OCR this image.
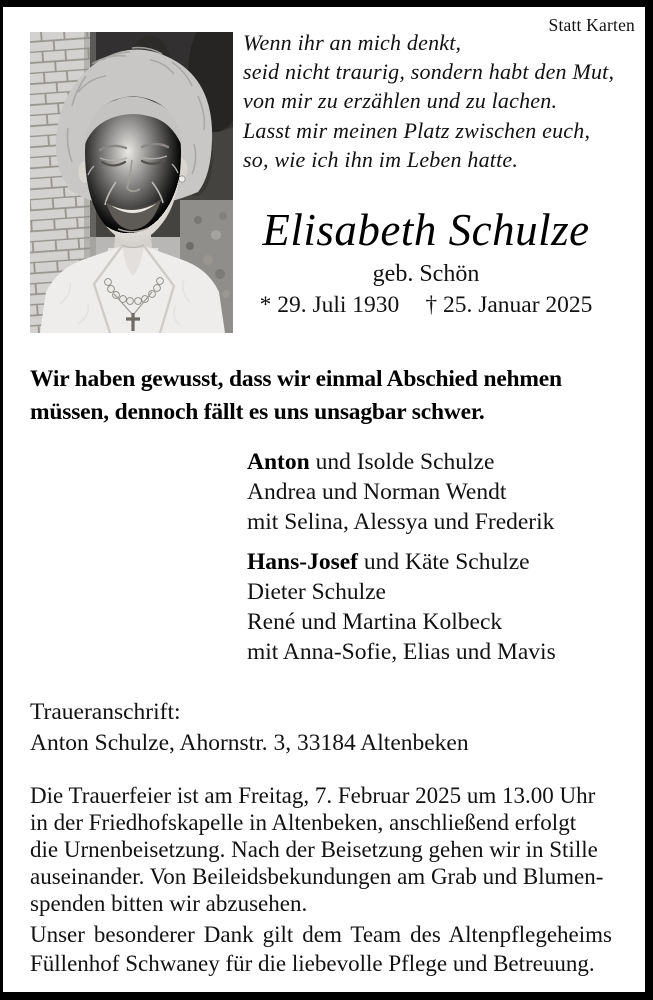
Statt Karten
Wenn ihr an mich denkt,
seid nicht traurig, sondern habt den Mut,
von mir zu erzählen und zu lachen.
Lasst mir meinen Platz zwischen euch,
so, wie ich ihn im Leben hatte.
Elisabeth Schulze
geb. Schön
* 29. Juli 1930 † 25. Januar 2025
Wir haben gewusst, dass wir einmal Abschied nehmen
müssen, dennoch fällt es uns unsagbar schwer.
Anton und Isolde Schulze
Andrea und Norman Wendt
mit Selina, Alessya und Frederik
Hans-Josef und Käte Schulze
Dieter Schulze
René und Martina Kolbeck
mit Anna-Sofie, Elias und Mavis
Traueranschrift:
Anton Schulze, Ahornstr. 3, 33184 Altenbeken
Die Trauerfeier ist am Freitag, 7. Februar 2025 um 13.00 Uhr
in der Friedhofskapelle in Altenbeken, anschließend erfolgt
die Urnenbeisetzung. Nach der Beisetzung gehen wir in Stille
auseinander. Von Beileidsbekundungen am Grab und Blumen-
spenden bitten wir abzusehen.
Unser besonderer Dank gilt dem Team des Altenpflegeheims
Füllenhof Schwaney für die liebevolle Pflege und Betreuung.
